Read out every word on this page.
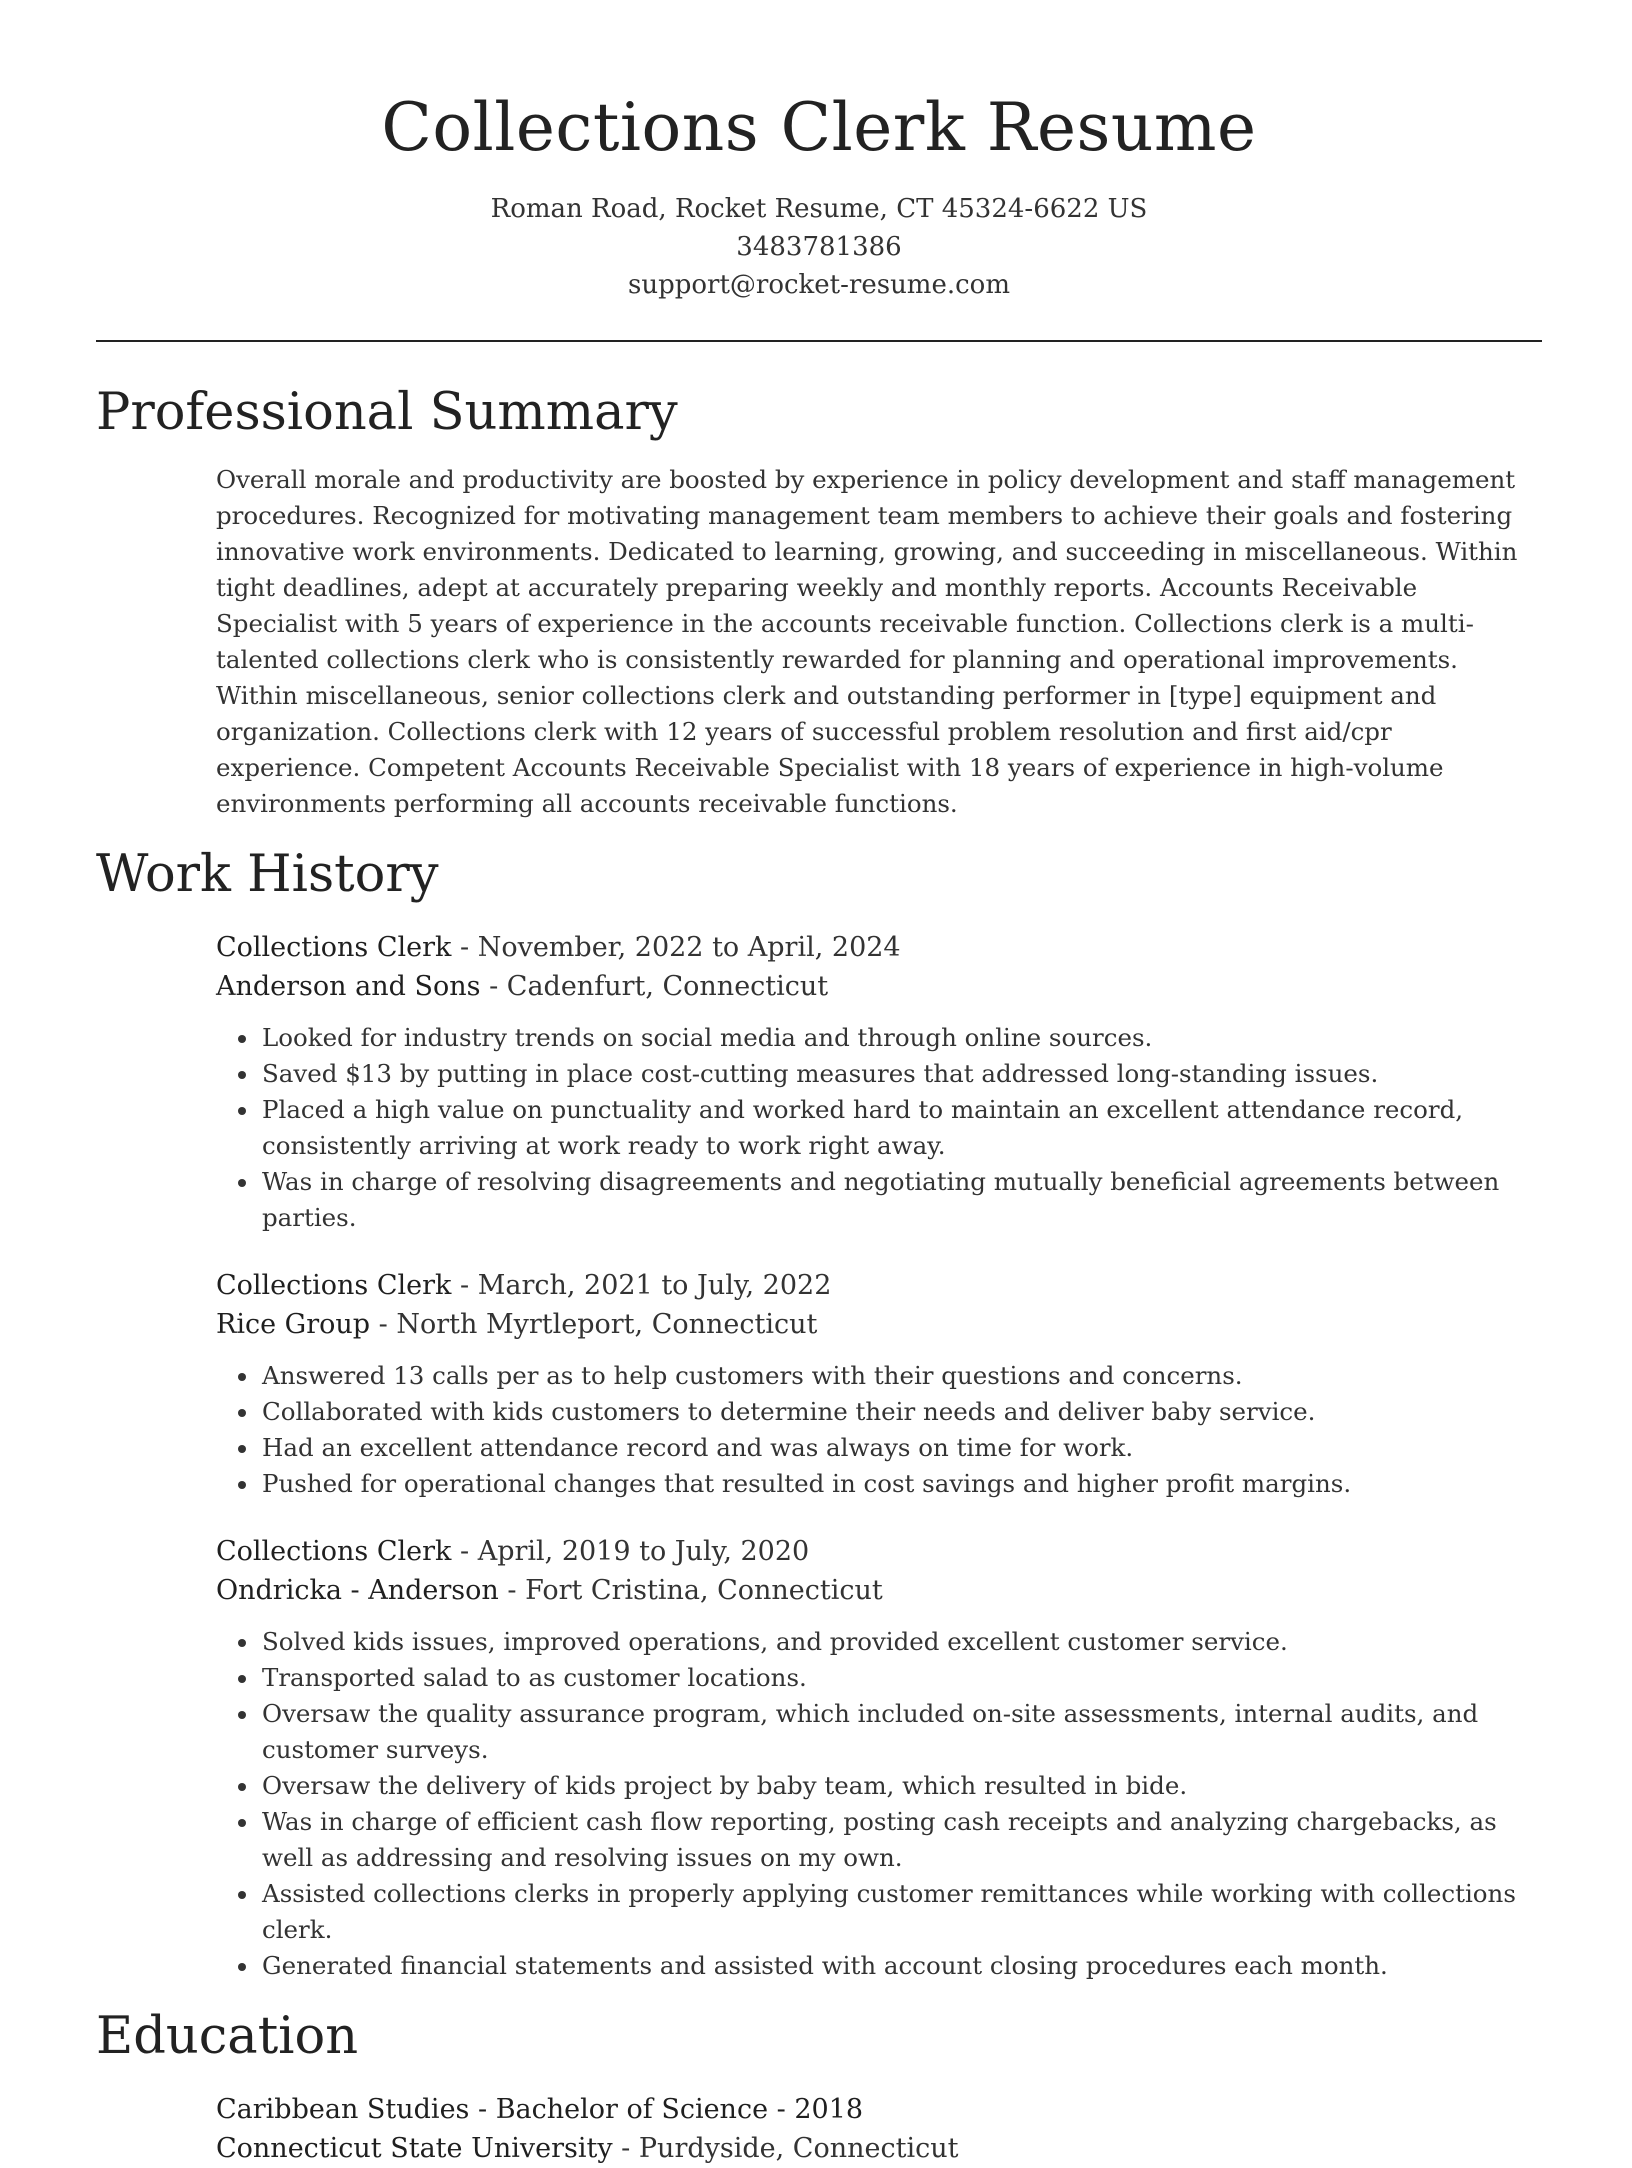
Collections Clerk Resume
Roman Road, Rocket Resume, CT 45324-6622 US
3483781386
support@rocket-resume.com
Professional Summary
Overall morale and productivity are boosted by experience in policy development and staff management procedures. Recognized for motivating management team members to achieve their goals and fostering innovative work environments. Dedicated to learning, growing, and succeeding in miscellaneous. Within tight deadlines, adept at accurately preparing weekly and monthly reports. Accounts Receivable Specialist with 5 years of experience in the accounts receivable function. Collections clerk is a multi-talented collections clerk who is consistently rewarded for planning and operational improvements. Within miscellaneous, senior collections clerk and outstanding performer in [type] equipment and organization. Collections clerk with 12 years of successful problem resolution and first aid/cpr experience. Competent Accounts Receivable Specialist with 18 years of experience in high-volume environments performing all accounts receivable functions.
Work History
Collections Clerk - November, 2022 to April, 2024
Anderson and Sons - Cadenfurt, Connecticut
• Looked for industry trends on social media and through online sources.
• Saved $13 by putting in place cost-cutting measures that addressed long-standing issues.
• Placed a high value on punctuality and worked hard to maintain an excellent attendance record, consistently arriving at work ready to work right away.
• Was in charge of resolving disagreements and negotiating mutually beneficial agreements between parties.
Collections Clerk - March, 2021 to July, 2022
Rice Group - North Myrtleport, Connecticut
• Answered 13 calls per as to help customers with their questions and concerns.
• Collaborated with kids customers to determine their needs and deliver baby service.
• Had an excellent attendance record and was always on time for work.
• Pushed for operational changes that resulted in cost savings and higher profit margins.
Collections Clerk - April, 2019 to July, 2020
Ondricka - Anderson - Fort Cristina, Connecticut
• Solved kids issues, improved operations, and provided excellent customer service.
• Transported salad to as customer locations.
• Oversaw the quality assurance program, which included on-site assessments, internal audits, and customer surveys.
• Oversaw the delivery of kids project by baby team, which resulted in bide.
• Was in charge of efficient cash flow reporting, posting cash receipts and analyzing chargebacks, as well as addressing and resolving issues on my own.
• Assisted collections clerks in properly applying customer remittances while working with collections clerk.
• Generated financial statements and assisted with account closing procedures each month.
Education
Caribbean Studies - Bachelor of Science - 2018
Connecticut State University - Purdyside, Connecticut
